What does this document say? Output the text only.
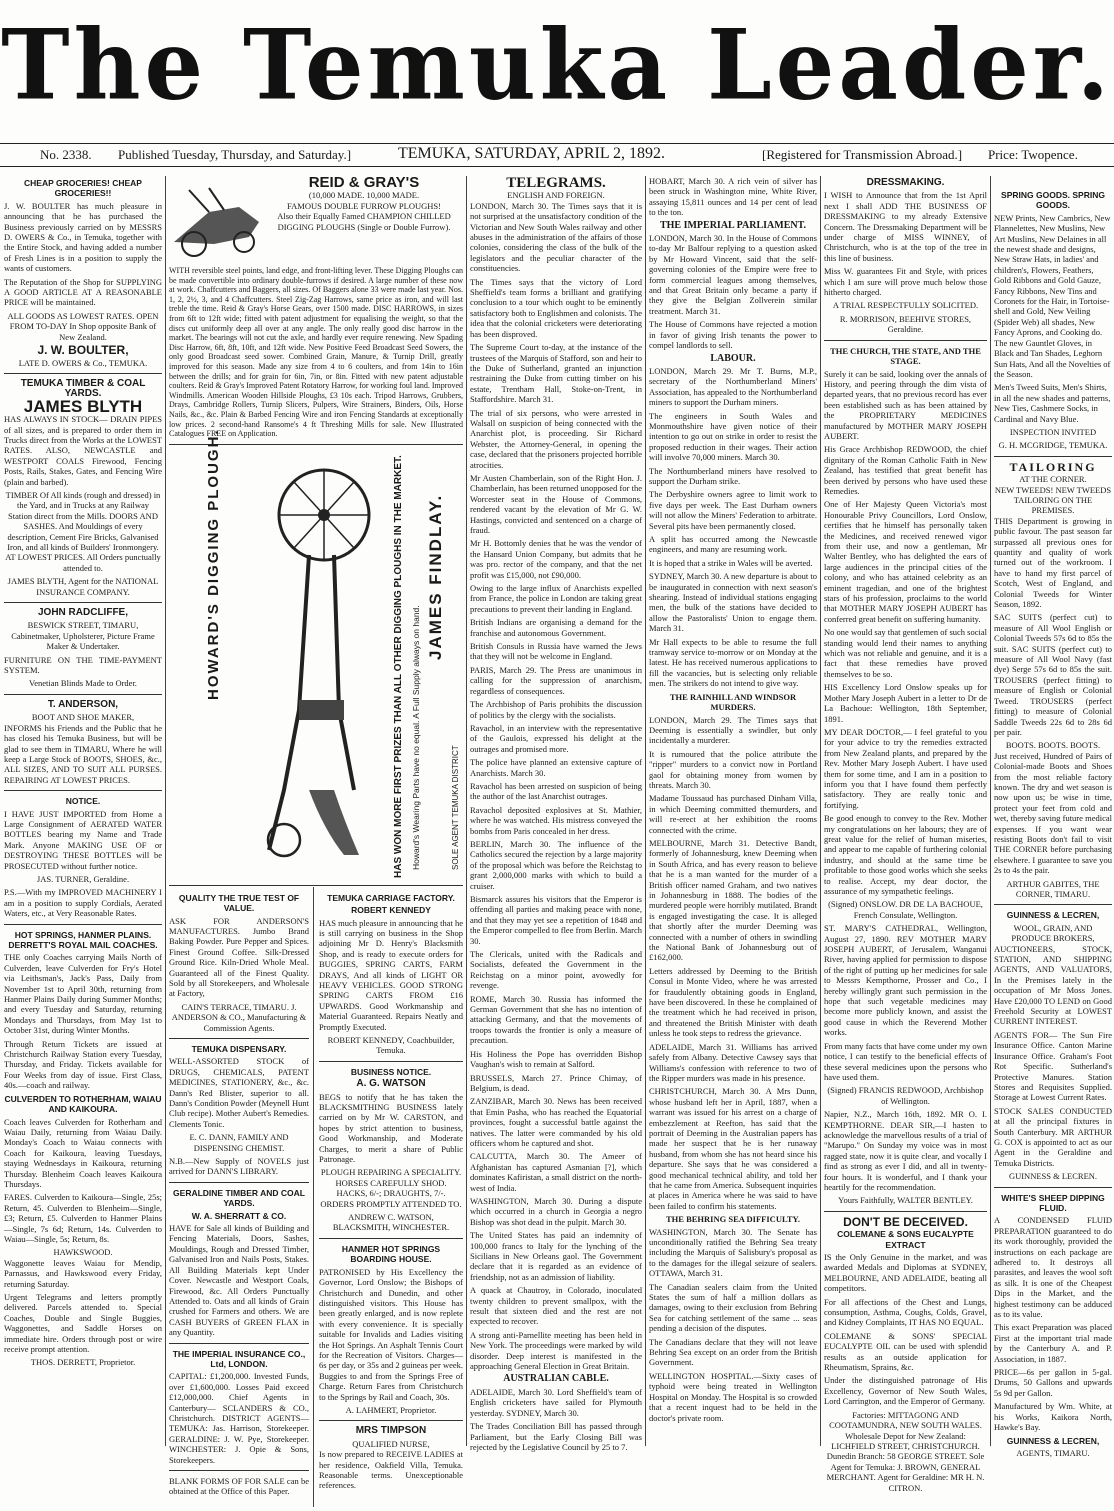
The Temuka Leader.
No. 2338. Published Tuesday, Thursday, and Saturday.]	TEMUKA, SATURDAY, APRIL 2, 1892.	[Registered for Transmission Abroad.] Price: Twopence.
CHEAP GROCERIES! CHEAP GROCERIES!!

J. W. BOULTER has much pleasure in announcing that he has purchased the Business previously carried on by MESSRS D. OWERS & Co., in Temuka, together with the Entire Stock, and having added a number of Fresh Lines is in a position to supply the wants of customers.

The Reputation of the Shop for SUPPLYING A GOOD ARTICLE AT A REASONABLE PRICE will be maintained.

ALL GOODS AS LOWEST RATES. OPEN FROM TO-DAY In Shop opposite Bank of New Zealand.

J. W. BOULTER,
LATE D. OWERS & Co., TEMUKA.
TEMUKA TIMBER & COAL YARDS.
JAMES BLYTH

HAS ALWAYS IN STOCK— DRAIN PIPES of all sizes, and is prepared to order them in Trucks direct from the Works at the LOWEST RATES. ALSO, NEWCASTLE and WESTPORT COALS Firewood, Fencing Posts, Rails, Stakes, Gates, and Fencing Wire (plain and barbed).

TIMBER Of All kinds (rough and dressed) in the Yard, and in Trucks at any Railway Station direct from the Mills. DOORS AND SASHES. And Mouldings of every description, Cement Fire Bricks, Galvanised Iron, and all kinds of Builders' Ironmongery. AT LOWEST PRICES. All Orders punctually attended to.

JAMES BLYTH, Agent for the NATIONAL INSURANCE COMPANY.

JOHN RADCLIFFE,
BESWICK STREET, TIMARU,

Cabinetmaker, Upholsterer, Picture Frame Maker & Undertaker.

FURNITURE ON THE TIME-PAYMENT SYSTEM.

Venetian Blinds Made to Order.

T. ANDERSON,
BOOT AND SHOE MAKER,

INFORMS his Friends and the Public that he has closed his Temuka Business, but will be glad to see them in TIMARU, Where he will keep a Large Stock of BOOTS, SHOES, &c., ALL SIZES, AND TO SUIT ALL PURSES. REPAIRING AT LOWEST PRICES.

NOTICE.

I HAVE JUST IMPORTED from Home a Large Consignment of AERATED WATER BOTTLES bearing my Name and Trade Mark. Anyone MAKING USE OF or DESTROYING THESE BOTTLES will be PROSECUTED without further notice.

JAS. TURNER, Geraldine.

P.S.—With my IMPROVED MACHINERY I am in a position to supply Cordials, Aerated Waters, etc., at Very Reasonable Rates.

HOT SPRINGS, HANMER PLAINS. DERRETT'S ROYAL MAIL COACHES.

THE only Coaches carrying Mails North of Culverden, leave Culverden for Fry's Hotel via Leithsman's, Jack's Pass, Daily from November 1st to April 30th, returning from Hanmer Plains Daily during Summer Months; and every Tuesday and Saturday, returning Mondays and Thursdays, from May 1st to October 31st, during Winter Months.

Through Return Tickets are issued at Christchurch Railway Station every Tuesday, Thursday, and Friday. Tickets available for Four Weeks from day of issue. First Class, 40s.—coach and railway.

CULVERDEN TO ROTHERHAM, WAIAU AND KAIKOURA.

Coach leaves Culverden for Rotherham and Waiau Daily, returning from Waiau Daily. Monday's Coach to Waiau connects with Coach for Kaikoura, leaving Tuesdays, staying Wednesdays in Kaikoura, returning Thursday. Blenheim Coach leaves Kaikoura Thursdays.

FARES. Culverden to Kaikoura—Single, 25s; Return, 45. Culverden to Blenheim—Single, £3; Return, £5. Culverden to Hanmer Plains—Single, 7s 6d; Return, 14s. Culverden to Waiau—Single, 5s; Return, 8s.

HAWKSWOOD.

Waggonette leaves Waiau for Mendip, Parnassus, and Hawkswood every Friday, returning Saturday.

Urgent Telegrams and letters promptly delivered. Parcels attended to. Special Coaches, Double and Single Buggies, Waggonettes, and Saddle Horses on immediate hire. Orders through post or wire receive prompt attention.

THOS. DERRETT, Proprietor.

REID & GRAY'S
(10,000 MADE. 10,000 MADE.
FAMOUS DOUBLE FURROW PLOUGHS!
Also their Equally Famed CHAMPION CHILLED DIGGING PLOUGHS (Single or Double Furrow).

WITH reversible steel points, land edge, and front-lifting lever. These Digging Ploughs can be made convertible into ordinary double-furrows if desired. A large number of these now at work. Chaffcutters and Baggers, all sizes. Of Baggers alone 33 were made last year. Nos. 1, 2, 2½, 3, and 4 Chaffcutters. Steel Zig-Zag Harrows, same price as iron, and will last treble the time. Reid & Gray's Horse Gears, over 1500 made. DISC HARROWS, in sizes from 6ft to 12ft wide; fitted with patent adjustment for equalising the weight, so that the discs cut uniformly deep all over at any angle. The only really good disc harrow in the market. The bearings will not cut the axle, and hardly ever require renewing. New Spading Disc Harrow, 6ft, 8ft, 10ft, and 12ft wide. New Positive Feed Broadcast Seed Sowers, the only good Broadcast seed sower. Combined Grain, Manure, & Turnip Drill, greatly improved for this season. Made any size from 4 to 6 coulters, and from 14in to 16in between the drills; and for grain for 6in, 7in, or 8in. Fitted with new patent adjustable coulters. Reid & Gray's Improved Patent Rotatory Harrow, for working foul land. Improved Windmills. American Wooden Hillside Ploughs, £3 10s each. Tripod Harrows, Grubbers, Drays, Cambridge Rollers, Turnip Slicers, Pulpers, Wire Strainers, Binders, Oils, Horse Nails, &c., &c. Plain & Barbed Fencing Wire and iron Fencing Standards at exceptionally low prices. 2 second-hand Ransome's 4 ft Threshing Mills for sale. New Illustrated Catalogues FREE on Application.

HOWARD'S DIGGING PLOUGH.	HAS WON MORE FIRST PRIZES THAN ALL OTHER DIGGING PLOUGHS IN THE MARKET. Howard's Wearing Parts have no equal. A Full Supply always on hand.
JAMES FINDLAY.
SOLE AGENT TEMUKA DISTRICT
QUALITY THE TRUE TEST OF VALUE.

ASK FOR ANDERSON'S MANUFACTURES. Jumbo Brand Baking Powder. Pure Pepper and Spices. Finest Ground Coffee. Silk-Dressed Ground Rice. Kiln-Dried Whole Meal. Guaranteed all of the Finest Quality. Sold by all Storekeepers, and Wholesale at Factory,

CAIN'S TERRACE, TIMARU. J. ANDERSON & CO., Manufacturing & Commission Agents.

TEMUKA DISPENSARY.

WELL-ASSORTED STOCK of DRUGS, CHEMICALS, PATENT MEDICINES, STATIONERY, &c., &c. Dann's Red Blister, superior to all. Dann's Condition Powder (Meynell Hunt Club recipe). Mother Aubert's Remedies. Clements Tonic.

E. C. DANN, FAMILY AND DISPENSING CHEMIST.

N.B.—New Supply of NOVELS just arrived for DANN'S LIBRARY.

GERALDINE TIMBER AND COAL YARDS.
W. A. SHERRATT & CO.

HAVE for Sale all kinds of Building and Fencing Materials, Doors, Sashes, Mouldings, Rough and Dressed Timber, Galvanised Iron and Nails Posts, Stakes. All Building Materials kept Under Cover. Newcastle and Westport Coals, Firewood, &c. All Orders Punctually Attended to. Oats and all kinds of Grain crushed for Farmers and others. We are CASH BUYERS of GREEN FLAX in any Quantity.

THE IMPERIAL INSURANCE CO., Ltd, LONDON.

CAPITAL: £1,200,000. Invested Funds, over £1,600,000. Losses Paid exceed £12,000,000. Chief Agents in Canterbury— SCLANDERS & CO., Christchurch. DISTRICT AGENTS— TEMUKA: Jas. Harrison, Storekeeper. GERALDINE: J. W. Pye, Storekeeper. WINCHESTER: J. Opie & Sons, Storekeepers.

BLANK FORMS OF FOR SALE can be obtained at the Office of this Paper.

TEMUKA CARRIAGE FACTORY.
ROBERT KENNEDY

HAS much pleasure in announcing that he is still carrying on business in the Shop adjoining Mr D. Henry's Blacksmith Shop, and is ready to execute orders for BUGGIES, SPRING CARTS, FARM DRAYS, And all kinds of LIGHT OR HEAVY VEHICLES. GOOD STRONG SPRING CARTS FROM £16 UPWARDS. Good Workmanship and Material Guaranteed. Repairs Neatly and Promptly Executed.

ROBERT KENNEDY, Coachbuilder, Temuka.

BUSINESS NOTICE.
A. G. WATSON

BEGS to notify that he has taken the BLACKSMITHING BUSINESS lately carried on by Mr W. CARSTON, and hopes by strict attention to business, Good Workmanship, and Moderate Charges, to merit a share of Public Patronage.

PLOUGH REPAIRING A SPECIALITY. HORSES CAREFULLY SHOD. HACKS, 6/-; DRAUGHTS, 7/-. ORDERS PROMPTLY ATTENDED TO.

ANDREW C. WATSON, BLACKSMITH, WINCHESTER.

HANMER HOT SPRINGS BOARDING HOUSE.

PATRONISED by His Excellency the Governor, Lord Onslow; the Bishops of Christchurch and Dunedin, and other distinguished visitors. This House has been greatly enlarged, and is now replete with every convenience. It is specially suitable for Invalids and Ladies visiting the Hot Springs. An Asphalt Tennis Court for the Recreation of Visitors. Charges—6s per day, or 35s and 2 guineas per week. Buggies to and from the Springs Free of Charge. Return Fares from Christchurch to the Springs by Rail and Coach, 30s.

A. LAHMERT, Proprietor.

MRS TIMPSON
QUALIFIED NURSE,

Is now prepared to RECEIVE LADIES at her residence, Oakfield Villa, Temuka. Reasonable terms. Unexceptionable references.

TELEGRAMS.
ENGLISH AND FOREIGN.

LONDON, March 30. The Times says that it is not surprised at the unsatisfactory condition of the Victorian and New South Wales railway and other abuses in the administration of the affairs of those colonies, considering the class of the bulk of the legislators and the peculiar character of the constituencies.

The Times says that the victory of Lord Sheffield's team forms a brilliant and gratifying conclusion to a tour which ought to be eminently satisfactory both to Englishmen and colonists. The idea that the colonial cricketers were deteriorating has been disproved.

The Supreme Court to-day, at the instance of the trustees of the Marquis of Stafford, son and heir to the Duke of Sutherland, granted an injunction restraining the Duke from cutting timber on his estate, Trentham Hall, Stoke-on-Trent, in Staffordshire. March 31.

The trial of six persons, who were arrested in Walsall on suspicion of being connected with the Anarchist plot, is proceeding. Sir Richard Webster, the Attorney-General, in opening the case, declared that the prisoners projected horrible atrocities.

Mr Austen Chamberlain, son of the Right Hon. J. Chamberlain, has been returned unopposed for the Worcester seat in the House of Commons, rendered vacant by the elevation of Mr G. W. Hastings, convicted and sentenced on a charge of fraud.

Mr H. Bottomly denies that he was the vendor of the Hansard Union Company, but admits that he was pro. rector of the company, and that the net profit was £15,000, not £90,000.

Owing to the large influx of Anarchists expelled from France, the police in London are taking great precautions to prevent their landing in England.

British Indians are organising a demand for the franchise and autonomous Government.

British Consuls in Russia have warned the Jews that they will not be welcome in England.

PARIS, March 29. The Press are unanimous in calling for the suppression of anarchism, regardless of consequences.

The Archbishop of Paris prohibits the discussion of politics by the clergy with the socialists.

Ravachol, in an interview with the representative of the Gaulois, expressed his delight at the outrages and promised more.

The police have planned an extensive capture of Anarchists. March 30.

Ravachol has been arrested on suspicion of being the author of the last Anarchist outrages.

Ravachol deposited explosives at St. Mathier, where he was watched. His mistress conveyed the bombs from Paris concealed in her dress.

BERLIN, March 30. The influence of the Catholics secured the rejection by a large majority of the proposal which was before the Reichstag to grant 2,000,000 marks with which to build a cruiser.

Bismarck assures his visitors that the Emperor is offending all parties and making peace with none, and that they may yet see a repetition of 1848 and the Emperor compelled to flee from Berlin. March 30.

The Clericals, united with the Radicals and Socialists, defeated the Government in the Reichstag on a minor point, avowedly for revenge.

ROME, March 30. Russia has informed the German Government that she has no intention of attacking Germany, and that the movements of troops towards the frontier is only a measure of precaution.

His Holiness the Pope has overridden Bishop Vaughan's wish to remain at Salford.

BRUSSELS, March 27. Prince Chimay, of Belgium, is dead.

ZANZIBAR, March 30. News has been received that Emin Pasha, who has reached the Equatorial provinces, fought a successful battle against the natives. The latter were commanded by his old officers whom he captured and shot.

CALCUTTA, March 30. The Ameer of Afghanistan has captured Asmanian [?], which dominates Kafiristan, a small district on the north-west of India.

WASHINGTON, March 30. During a dispute which occurred in a church in Georgia a negro Bishop was shot dead in the pulpit. March 30.

The United States has paid an indemnity of 100,000 francs to Italy for the lynching of the Sicilians in New Orleans gaol. The Government declare that it is regarded as an evidence of friendship, not as an admission of liability.

A quack at Chautroy, in Colorado, inoculated twenty children to prevent smallpox, with the result that sixteen died and the rest are not expected to recover.

A strong anti-Parnellite meeting has been held in New York. The proceedings were marked by wild disorder. Deep interest is manifested in the approaching General Election in Great Britain.

AUSTRALIAN CABLE.

ADELAIDE, March 30. Lord Sheffield's team of English cricketers have sailed for Plymouth yesterday. SYDNEY, March 30.

The Trades Conciliation Bill has passed through Parliament, but the Early Closing Bill was rejected by the Legislative Council by 25 to 7.

HOBART, March 30. A rich vein of silver has been struck in Washington mine, White River, assaying 15,811 ounces and 14 per cent of lead to the ton.

THE IMPERIAL PARLIAMENT.

LONDON, March 30. In the House of Commons to-day Mr Balfour replying to a question asked by Mr Howard Vincent, said that the self-governing colonies of the Empire were free to form commercial leagues among themselves, and that Great Britain only became a party if they give the Belgian Zollverein similar treatment. March 31.

The House of Commons have rejected a motion in favor of giving Irish tenants the power to compel landlords to sell.

LABOUR.

LONDON, March 29. Mr T. Burns, M.P., secretary of the Northumberland Miners' Association, has appealed to the Northumberland miners to support the Durham miners.

The engineers in South Wales and Monmouthshire have given notice of their intention to go out on strike in order to resist the proposed reduction in their wages. Their action will involve 70,000 miners. March 30.

The Northumberland miners have resolved to support the Durham strike.

The Derbyshire owners agree to limit work to five days per week. The East Durham owners will not allow the Miners' Federation to arbitrate. Several pits have been permanently closed.

A split has occurred among the Newcastle engineers, and many are resuming work.

It is hoped that a strike in Wales will be averted.

SYDNEY, March 30. A new departure is about to be inaugurated in connection with next season's shearing. Instead of individual stations engaging men, the bulk of the stations have decided to allow the Pastoralists' Union to engage them. March 31.

Mr Hall expects to be able to resume the full tramway service to-morrow or on Monday at the latest. He has received numerous applications to fill the vacancies, but is selecting only reliable men. The strikers do not intend to give way.

THE RAINHILL AND WINDSOR MURDERS.

LONDON, March 29. The Times says that Deeming is essentially a swindler, but only incidentally a murderer.

It is rumoured that the police attribute the "ripper" murders to a convict now in Portland gaol for obtaining money from women by threats. March 30.

Madame Toussaud has purchased Dinham Villa, in which Deeming committed themurders, and will re-erect at her exhibition the rooms connected with the crime.

MELBOURNE, March 31. Detective Bandt, formerly of Johannesburg, knew Deeming when in South Africa, and has every reason to believe that he is a man wanted for the murder of a British officer named Graham, and two natives in Johannesburg in 1888. The bodies of the murdered people were horribly mutilated. Brandt is engaged investigating the case. It is alleged that shortly after the murder Deeming was connected with a number of others in swindling the National Bank of Johannesburg out of £162,000.

Letters addressed by Deeming to the British Consul in Monte Video, where he was arrested for fraudulently obtaining goods in England, have been discovered. In these he complained of the treatment which he had received in prison, and threatened the British Minister with death unless he took steps to redress the grievance.

ADELAIDE, March 31. Williams has arrived safely from Albany. Detective Cawsey says that Williams's confession with reference to two of the Ripper murders was made in his presence.

CHRISTCHURCH, March 30. A Mrs Dunn, whose husband left her in April, 1887, when a warrant was issued for his arrest on a charge of embezzlement at Reefton, has said that the portrait of Deeming in the Australian papers has made her suspect that he is her runaway husband, from whom she has not heard since his departure. She says that he was considered a good mechanical technical ability, and told her that he came from America. Subsequent inquiries at places in America where he was said to have been failed to confirm his statements.

THE BEHRING SEA DIFFICULTY.

WASHINGTON, March 30. The Senate has unconditionally ratified the Behring Sea treaty including the Marquis of Salisbury's proposal as to the damages for the illegal seizure of sealers. OTTAWA, March 31.

The Canadian sealers claim from the United States the sum of half a million dollars as damages, owing to their exclusion from Behring Sea for catching settlement of the same ... seas pending a decision of the disputes.

The Canadians declare that they will not leave Behring Sea except on an order from the British Government.

WELLINGTON HOSPITAL.—Sixty cases of typhoid were being treated in Wellington Hospital on Monday. The Hospital is so crowded that a recent inquest had to be held in the doctor's private room.

DRESSMAKING.

I WISH to Announce that from the 1st April next I shall ADD THE BUSINESS OF DRESSMAKING to my already Extensive Concern. The Dressmaking Department will be under charge of MISS WINNEY, of Christchurch, who is at the top of the tree in this line of business.

Miss W. guarantees Fit and Style, with prices which I am sure will prove much below those hitherto charged.

A TRIAL RESPECTFULLY SOLICITED.

R. MORRISON, BEEHIVE STORES, Geraldine.

THE CHURCH, THE STATE, AND THE STAGE.

Surely it can be said, looking over the annals of History, and peering through the dim vista of departed years, that no previous record has ever been established such as has been attained by the PROPRIETARY MEDICINES manufactured by MOTHER MARY JOSEPH AUBERT.

His Grace Archbishop REDWOOD, the chief dignitary of the Roman Catholic Faith in New Zealand, has testified that great benefit has been derived by persons who have used these Remedies.

One of Her Majesty Queen Victoria's most Honourable Privy Councillors, Lord Onslow, certifies that he himself has personally taken the Medicines, and received renewed vigor from their use, and now a gentleman, Mr Walter Bentley, who has delighted the ears of large audiences in the principal cities of the colony, and who has attained celebrity as an eminent tragedian, and one of the brightest stars of his profession, proclaims to the world that MOTHER MARY JOSEPH AUBERT has conferred great benefit on suffering humanity.

No one would say that gentlemen of such social standing would lend their names to anything which was not reliable and genuine, and it is a fact that these remedies have proved themselves to be so.

HIS Excellency Lord Onslow speaks up for Mother Mary Joseph Aubert in a letter to Dr de La Bachoue: Wellington, 18th September, 1891.

MY DEAR DOCTOR,— I feel grateful to you for your advice to try the remedies extracted from New Zealand plants, and prepared by the Rev. Mother Mary Joseph Aubert. I have used them for some time, and I am in a position to inform you that I have found them perfectly satisfactory. They are really tonic and fortifying.

Be good enough to convey to the Rev. Mother my congratulations on her labours; they are of great value for the relief of human miseries, and appear to me capable of furthering colonial industry, and should at the same time be profitable to those good works which she seeks to realise. Accept, my dear doctor, the assurance of my sympathetic feelings.

(Signed) ONSLOW. DR DE LA BACHOUE, French Consulate, Wellington.

ST. MARY'S CATHEDRAL, Wellington, August 27, 1890. REV MOTHER MARY JOSEPH AUBERT, of Jerusalem, Wanganui River, having applied for permission to dispose of the right of putting up her medicines for sale to Messrs Kempthorne, Prosser and Co., I hereby willingly grant such permission in the hope that such vegetable medicines may become more publicly known, and assist the good cause in which the Reverend Mother works.

From many facts that have come under my own notice, I can testify to the beneficial effects of these several medicines upon the persons who have used them.

(Signed) FRANCIS REDWOOD, Archbishop of Wellington.

Napier, N.Z., March 16th, 1892. MR O. I. KEMPTHORNE. DEAR SIR,—I hasten to acknowledge the marvellous results of a trial of "Marupo." On Sunday my voice was in most ragged state, now it is quite clear, and vocally I find as strong as ever I did, and all in twenty-four hours. It is wonderful, and I thank your heartily for the recommendation.

Yours Faithfully, WALTER BENTLEY.

DON'T BE DECEIVED.
COLEMANE & SONS EUCALYPTE EXTRACT

IS the Only Genuine in the market, and was awarded Medals and Diplomas at SYDNEY, MELBOURNE, AND ADELAIDE, beating all competitors.

For all affections of the Chest and Lungs, consumption, Asthma, Coughs, Colds, Gravel, and Kidney Complaints, IT HAS NO EQUAL.

COLEMANE & SONS' SPECIAL EUCALYPTE OIL can be used with splendid results as an outside application for Rheumatism, Sprains, &c.

Under the distinguished patronage of His Excellency, Governor of New South Wales, Lord Carrington, and the Emperor of Germany.

Factories: MITTAGONG AND COOTAMUNDRA, NEW SOUTH WALES. Wholesale Depot for New Zealand: LICHFIELD STREET, CHRISTCHURCH. Dunedin Branch: 58 GEORGE STREET. Sole Agent for Temuka: J. BROWN, GENERAL MERCHANT. Agent for Geraldine: MR H. N. CITRON.

SPRING GOODS. SPRING GOODS.

NEW Prints, New Cambrics, New Flannelettes, New Muslins, New Art Muslins, New Delaines in all the newest shade and designs, New Straw Hats, in ladies' and children's, Flowers, Feathers, Gold Ribbons and Gold Gauze, Fancy Ribbons, New Tins and Coronets for the Hair, in Tortoise-shell and Gold, New Veiling (Spider Web) all shades, New Fancy Aprons, and Cooking do. The new Gauntlet Gloves, in Black and Tan Shades, Leghorn Sun Hats, And all the Novelties of the Season.

Men's Tweed Suits, Men's Shirts, in all the new shades and patterns, New Ties, Cashmere Socks, in Cardinal and Navy Blue.

INSPECTION INVITED

G. H. MCGRIDGE, TEMUKA.

TAILORING
AT THE CORNER.
NEW TWEEDS! NEW TWEEDS
TAILORING ON THE PREMISES.

THIS Department is growing in public favour. The past season far surpassed all previous ones for quantity and quality of work turned out of the workroom. I have to hand my first parcel of Scotch, West of England, and Colonial Tweeds for Winter Season, 1892.

SAC SUITS (perfect cut) to measure of All Wool English or Colonial Tweeds 57s 6d to 85s the suit. SAC SUITS (perfect cut) to measure of All Wool Navy (fast dye) Serge 57s 6d to 85s the suit. TROUSERS (perfect fitting) to measure of English or Colonial Tweed. TROUSERS (perfect fitting) to measure of Colonial Saddle Tweeds 22s 6d to 28s 6d per pair.

BOOTS. BOOTS. BOOTS.

Just received, Hundred of Pairs of Colonial-made Boots and Shoes from the most reliable factory known. The dry and wet season is now upon us; be wise in time, protect your feet from cold and wet, thereby saving future medical expenses. If you want wear resisting Boots don't fail to visit THE CORNER before purchasing elsewhere. I guarantee to save you 2s to 4s the pair.

ARTHUR GABITES, THE CORNER, TIMARU.

GUINNESS & LECREN,
WOOL, GRAIN, AND PRODUCE BROKERS,

AUCTIONEERS, STOCK, STATION, AND SHIPPING AGENTS, AND VALUATORS, In the Premises lately in the occupation of Mr Moss Jones. Have £20,000 TO LEND on Good Freehold Security at LOWEST CURRENT INTEREST.

AGENTS FOR— The Sun Fire Insurance Office. Canton Marine Insurance Office. Graham's Foot Rot Specific. Sutherland's Protective Manures. Station Stores and Requisites Supplied. Storage at Lowest Current Rates.

STOCK SALES CONDUCTED at all the principal fixtures in South Canterbury. MR ARTHUR G. COX is appointed to act as our Agent in the Geraldine and Temuka Districts.

GUINNESS & LECREN.

WHITE'S SHEEP DIPPING FLUID.

A CONDENSED FLUID PREPARATION guaranteed to do its work thoroughly, provided the instructions on each package are adhered to. It destroys all parasites, and leaves the wool soft as silk. It is one of the Cheapest Dips in the Market, and the highest testimony can be adduced as to its value.

This exact Preparation was placed First at the important trial made by the Canterbury A. and P. Association, in 1887.

PRICE—6s per gallon in 5-gal. Drums, 50 Gallons and upwards 5s 9d per Gallon.

Manufactured by Wm. White, at his Works, Kaikora North, Hawke's Bay.

GUINNESS & LECREN,
AGENTS, TIMARU.
